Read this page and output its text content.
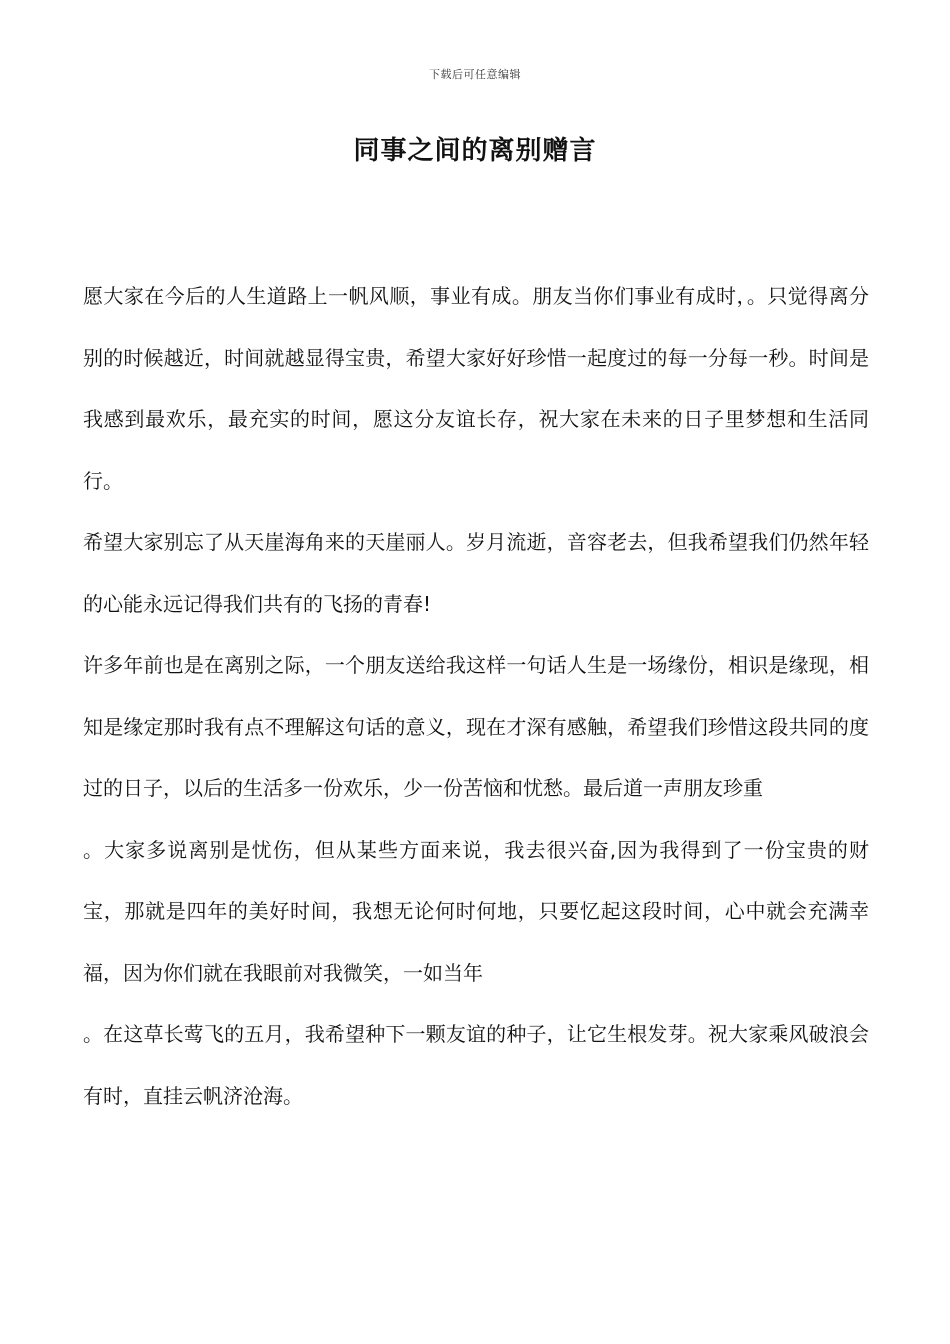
下载后可任意编辑
同事之间的离别赠言

愿大家在今后的人生道路上一帆风顺，事业有成。朋友当你们事业有成时，。只觉得离分别的时候越近，时间就越显得宝贵，希望大家好好珍惜一起度过的每一分每一秒。时间是我感到最欢乐，最充实的时间，愿这分友谊长存，祝大家在未来的日子里梦想和生活同行。

希望大家别忘了从天崖海角来的天崖丽人。岁月流逝，音容老去，但我希望我们仍然年轻的心能永远记得我们共有的飞扬的青春!

许多年前也是在离别之际，一个朋友送给我这样一句话人生是一场缘份，相识是缘现，相知是缘定那时我有点不理解这句话的意义，现在才深有感触，希望我们珍惜这段共同的度过的日子，以后的生活多一份欢乐，少一份苦恼和忧愁。最后道一声朋友珍重

。大家多说离别是忧伤，但从某些方面来说，我去很兴奋,因为我得到了一份宝贵的财宝，那就是四年的美好时间，我想无论何时何地，只要忆起这段时间，心中就会充满幸福，因为你们就在我眼前对我微笑，一如当年

。在这草长莺飞的五月，我希望种下一颗友谊的种子，让它生根发芽。祝大家乘风破浪会有时，直挂云帆济沧海。
